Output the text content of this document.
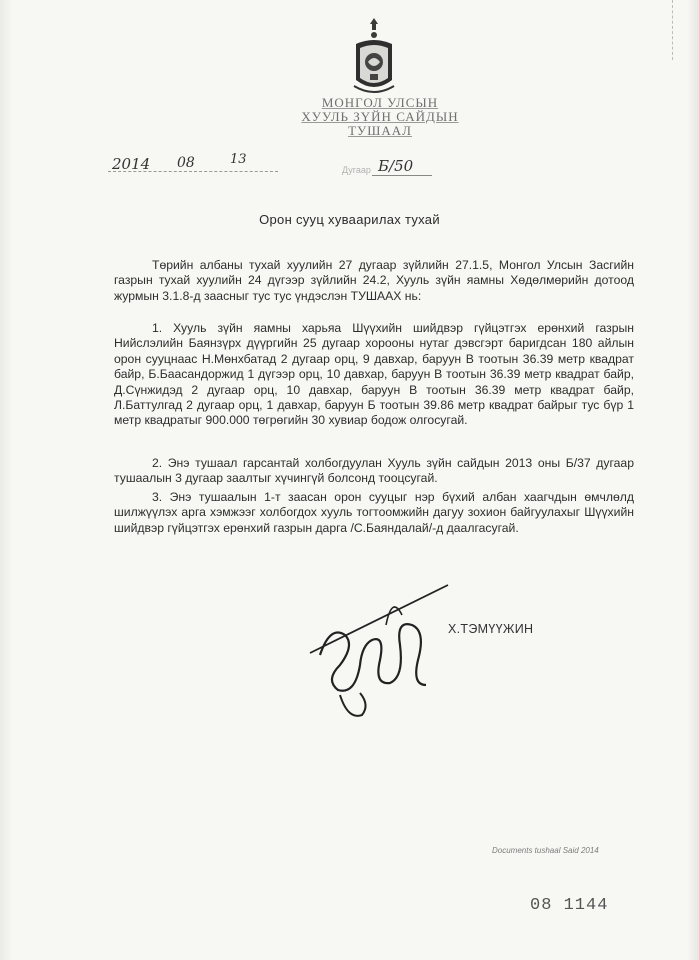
МОНГОЛ УЛСЫН
ХУУЛЬ ЗҮЙН САЙДЫН
ТУШААЛ
2014 08	13
Дугаар Б/50
Орон сууц хуваарилах тухай

Төрийн албаны тухай хуулийн 27 дугаар зүйлийн 27.1.5, Монгол Улсын Засгийн газрын тухай хуулийн 24 дүгээр зүйлийн 24.2, Хууль зүйн яамны Хөдөлмөрийн дотоод журмын 3.1.8-д заасныг тус тус үндэслэн ТУШААХ нь:

1. Хууль зүйн яамны харьяа Шүүхийн шийдвэр гүйцэтгэх ерөнхий газрын Нийслэлийн Баянзүрх дүүргийн 25 дугаар хорооны нутаг дэвсгэрт баригдсан 180 айлын орон сууцнаас Н.Мөнхбатад 2 дугаар орц, 9 давхар, баруун В тоотын 36.39 метр квадрат байр, Б.Баасандоржид 1 дүгээр орц, 10 давхар, баруун В тоотын 36.39 метр квадрат байр, Д.Сүнжидэд 2 дугаар орц, 10 давхар, баруун В тоотын 36.39 метр квадрат байр, Л.Баттулгад 2 дугаар орц, 1 давхар, баруун Б тоотын 39.86 метр квадрат байрыг тус бүр 1 метр квадратыг 900.000 төгрөгийн 30 хувиар бодож олгосугай.

2. Энэ тушаал гарсантай холбогдуулан Хууль зүйн сайдын 2013 оны Б/37 дугаар тушаалын 3 дугаар заалтыг хүчингүй болсонд тооцсугай.

3. Энэ тушаалын 1-т заасан орон сууцыг нэр бүхий албан хаагчдын өмчлөлд шилжүүлэх арга хэмжээг холбогдох хууль тогтоомжийн дагуу зохион байгуулахыг Шүүхийн шийдвэр гүйцэтгэх ерөнхий газрын дарга /С.Баяндалай/-д даалгасугай.

Х.ТЭМҮҮЖИН
Documents tushaal Said 2014
08 1144
